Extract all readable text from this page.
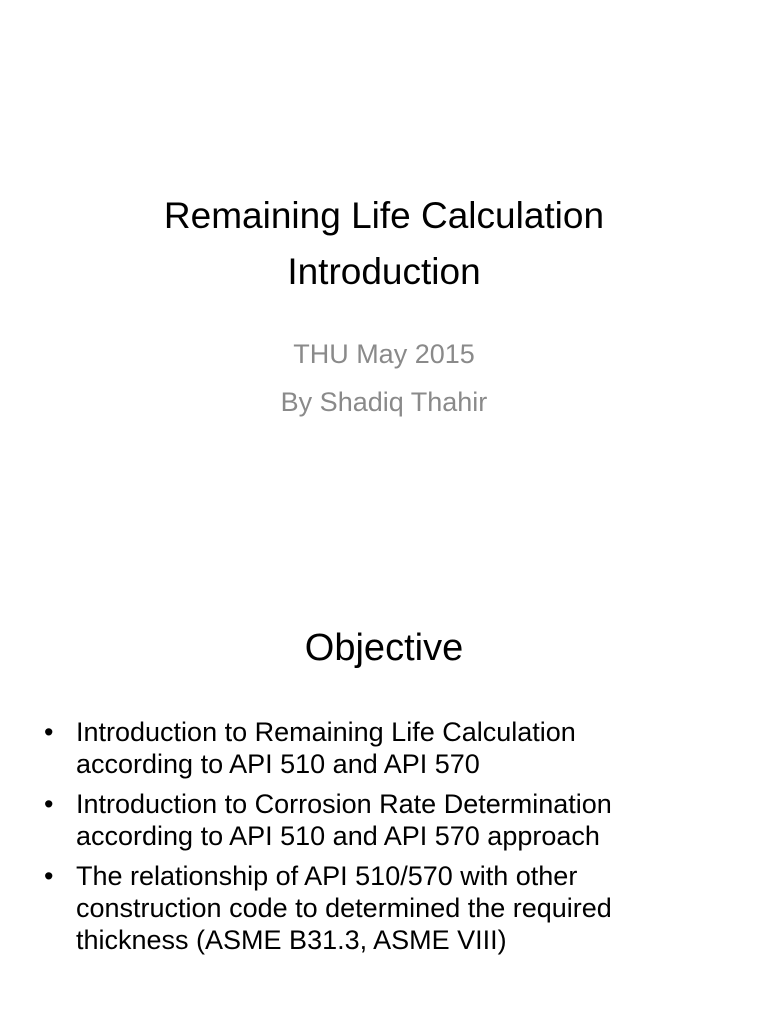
Remaining Life Calculation
Introduction
THU May 2015
By Shadiq Thahir
Objective
• Introduction to Remaining Life Calculation
according to API 510 and API 570
• Introduction to Corrosion Rate Determination
according to API 510 and API 570 approach
• The relationship of API 510/570 with other
construction code to determined the required
thickness (ASME B31.3, ASME VIII)
